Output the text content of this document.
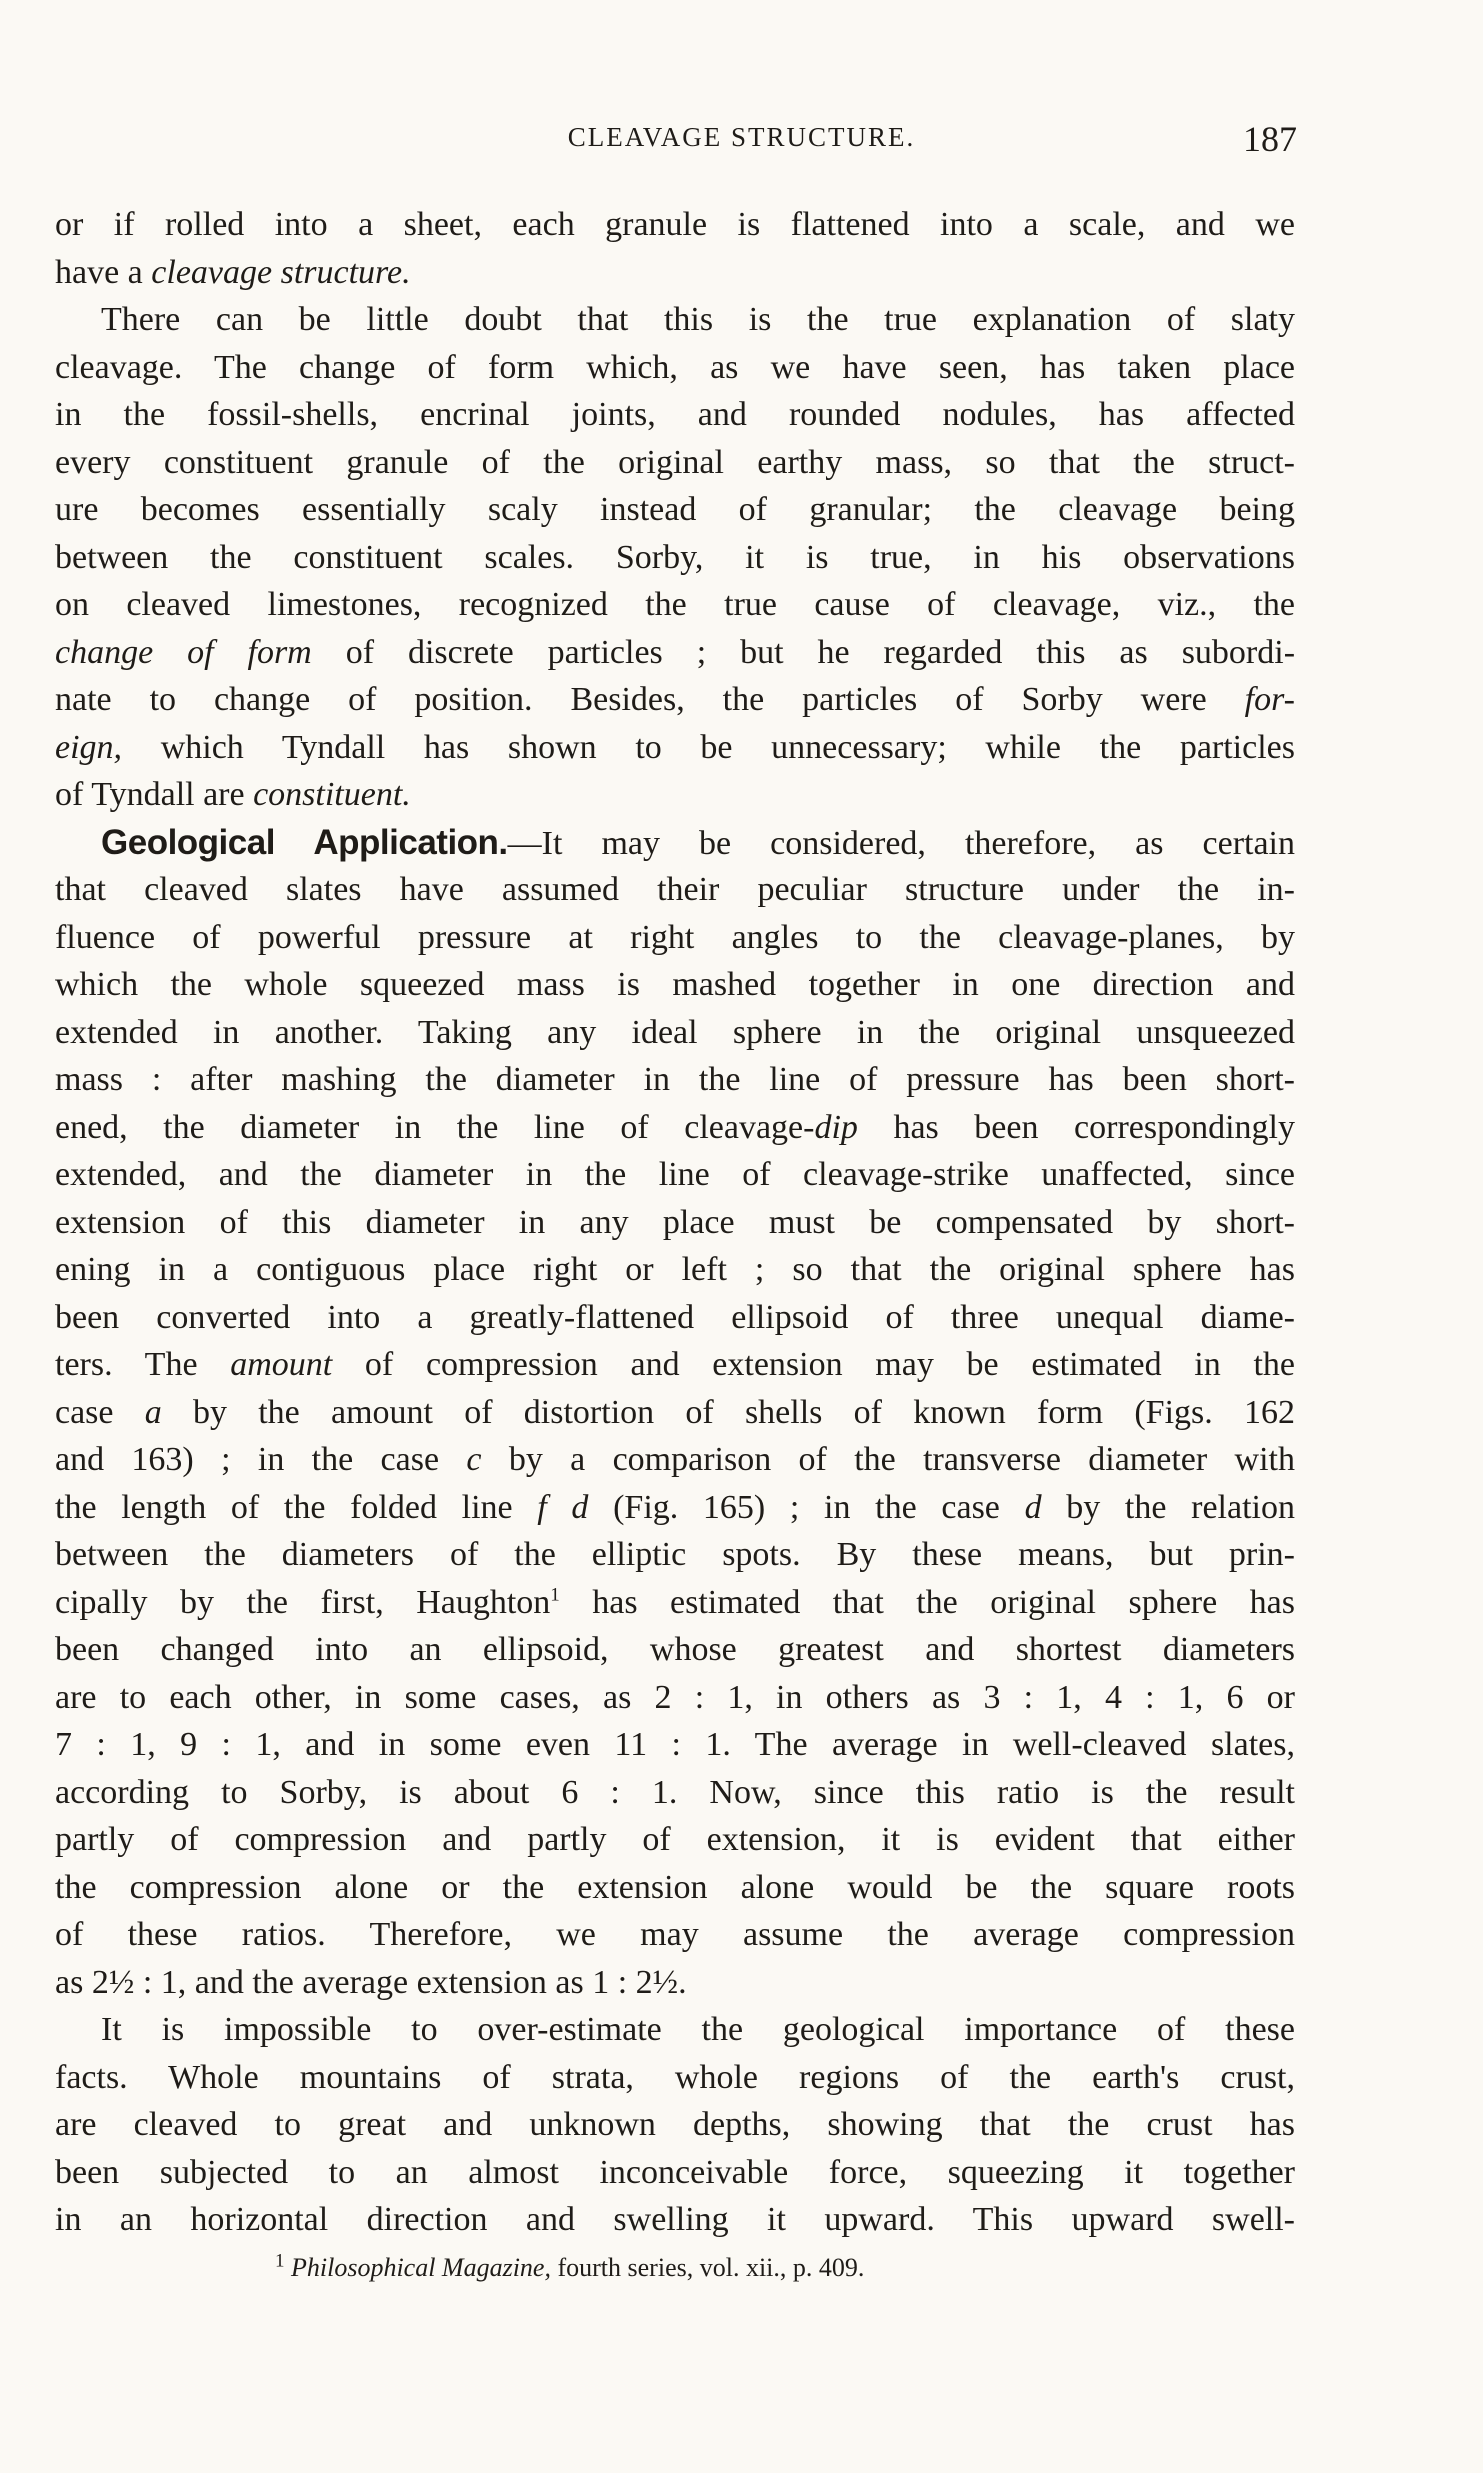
CLEAVAGE STRUCTURE.	187
or if rolled into a sheet, each granule is flattened into a scale, and we
have a cleavage structure.
There can be little doubt that this is the true explanation of slaty
cleavage. The change of form which, as we have seen, has taken place
in the fossil-shells, encrinal joints, and rounded nodules, has affected
every constituent granule of the original earthy mass, so that the struct-
ure becomes essentially scaly instead of granular; the cleavage being
between the constituent scales. Sorby, it is true, in his observations
on cleaved limestones, recognized the true cause of cleavage, viz., the
change of form of discrete particles ; but he regarded this as subordi-
nate to change of position. Besides, the particles of Sorby were for-
eign, which Tyndall has shown to be unnecessary; while the particles
of Tyndall are constituent.
Geological Application.—It may be considered, therefore, as certain
that cleaved slates have assumed their peculiar structure under the in-
fluence of powerful pressure at right angles to the cleavage-planes, by
which the whole squeezed mass is mashed together in one direction and
extended in another. Taking any ideal sphere in the original unsqueezed
mass : after mashing the diameter in the line of pressure has been short-
ened, the diameter in the line of cleavage-dip has been correspondingly
extended, and the diameter in the line of cleavage-strike unaffected, since
extension of this diameter in any place must be compensated by short-
ening in a contiguous place right or left ; so that the original sphere has
been converted into a greatly-flattened ellipsoid of three unequal diame-
ters. The amount of compression and extension may be estimated in the
case a by the amount of distortion of shells of known form (Figs. 162
and 163) ; in the case c by a comparison of the transverse diameter with
the length of the folded line f d (Fig. 165) ; in the case d by the relation
between the diameters of the elliptic spots. By these means, but prin-
cipally by the first, Haughton$^1$ has estimated that the original sphere has
been changed into an ellipsoid, whose greatest and shortest diameters
are to each other, in some cases, as 2 : 1, in others as 3 : 1, 4 : 1, 6 or
7 : 1, 9 : 1, and in some even 11 : 1. The average in well-cleaved slates,
according to Sorby, is about 6 : 1. Now, since this ratio is the result
partly of compression and partly of extension, it is evident that either
the compression alone or the extension alone would be the square roots
of these ratios. Therefore, we may assume the average compression
as 2½ : 1, and the average extension as 1 : 2½.
It is impossible to over-estimate the geological importance of these
facts. Whole mountains of strata, whole regions of the earth's crust,
are cleaved to great and unknown depths, showing that the crust has
been subjected to an almost inconceivable force, squeezing it together
in an horizontal direction and swelling it upward. This upward swell-
$^1$ Philosophical Magazine, fourth series, vol. xii., p. 409.
